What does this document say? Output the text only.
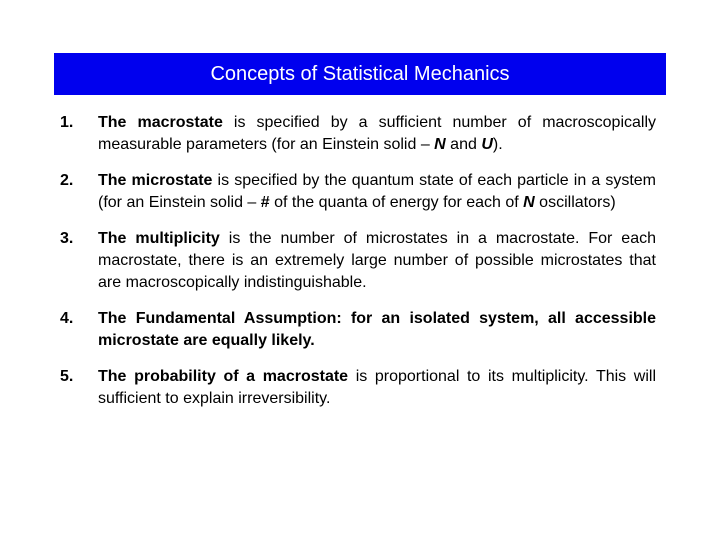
Concepts of Statistical Mechanics
1.	The macrostate is specified by a sufficient number of macroscopically measurable parameters (for an Einstein solid – N and U).
2.	The microstate is specified by the quantum state of each particle in a system (for an Einstein solid – # of the quanta of energy for each of N oscillators)
3.	The multiplicity is the number of microstates in a macrostate. For each macrostate, there is an extremely large number of possible microstates that are macroscopically indistinguishable.
4.	The Fundamental Assumption: for an isolated system, all accessible microstate are equally likely.
5.	The probability of a macrostate is proportional to its multiplicity. This will sufficient to explain irreversibility.
